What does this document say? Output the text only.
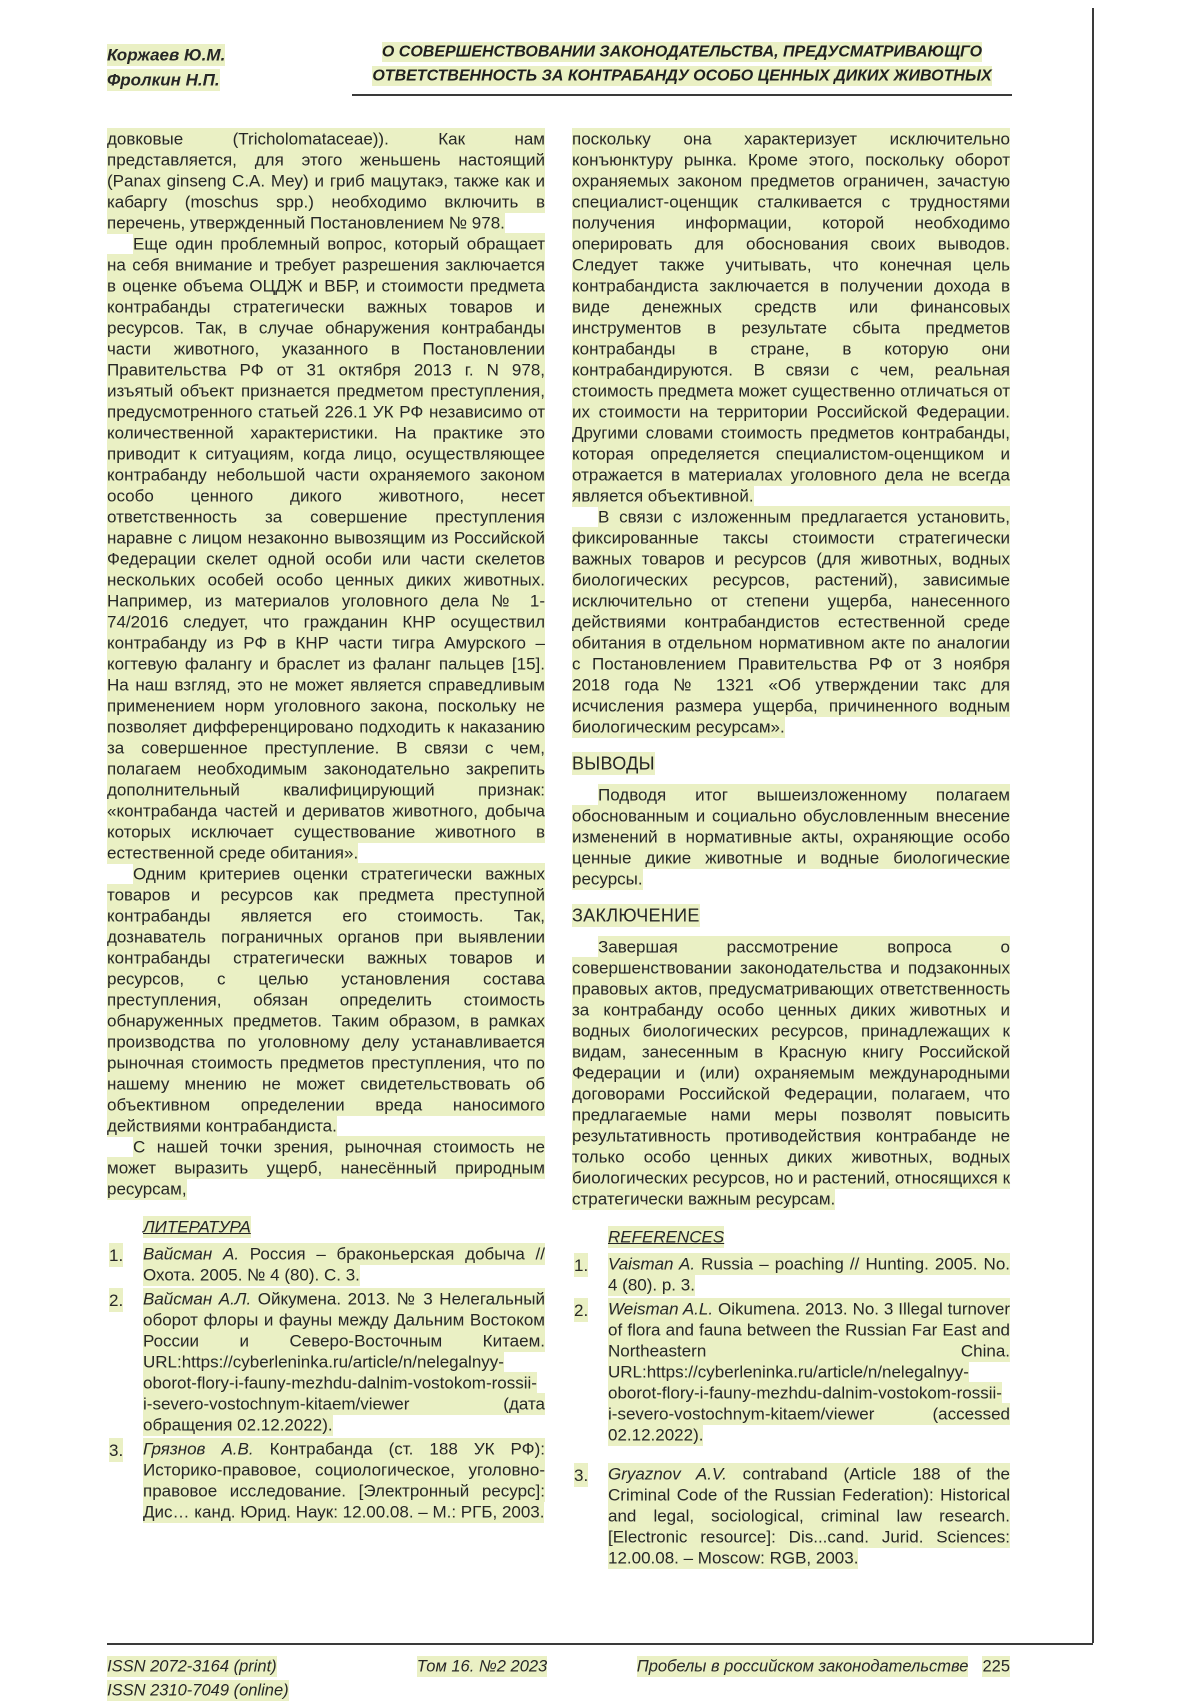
Коржаев Ю.М.
Фролкин Н.П.
О СОВЕРШЕНСТВОВАНИИ ЗАКОНОДАТЕЛЬСТВА, ПРЕДУСМАТРИВАЮЩГО
ОТВЕТСТВЕННОСТЬ ЗА КОНТРАБАНДУ ОСОБО ЦЕННЫХ ДИКИХ ЖИВОТНЫХ

довковые (Tricholomataceae)). Как нам представляется, для этого женьшень настоящий (Panax ginseng C.A. Mey) и гриб мацутакэ, также как и кабаргу (moschus spp.) необходимо включить в перечень, утвержденный Постановлением № 978.

Еще один проблемный вопрос, который обращает на себя внимание и требует разрешения заключается в оценке объема ОЦДЖ и ВБР, и стоимости предмета контрабанды стратегически важных товаров и ресурсов. Так, в случае обнаружения контрабанды части животного, указанного в Постановлении Правительства РФ от 31 октября 2013 г. N 978, изъятый объект признается предметом преступления, предусмотренного статьей 226.1 УК РФ независимо от количественной характеристики. На практике это приводит к ситуациям, когда лицо, осуществляющее контрабанду небольшой части охраняемого законом особо ценного дикого животного, несет ответственность за совершение преступления наравне с лицом незаконно вывозящим из Российской Федерации скелет одной особи или части скелетов нескольких особей особо ценных диких животных. Например, из материалов уголовного дела № 1-74/2016 следует, что гражданин КНР осуществил контрабанду из РФ в КНР части тигра Амурского – когтевую фалангу и браслет из фаланг пальцев [15]. На наш взгляд, это не может является справедливым применением норм уголовного закона, поскольку не позволяет дифференцировано подходить к наказанию за совершенное преступление. В связи с чем, полагаем необходимым законодательно закрепить дополнительный квалифицирующий признак: «контрабанда частей и дериватов животного, добыча которых исключает существование животного в естественной среде обитания».

Одним критериев оценки стратегически важных товаров и ресурсов как предмета преступной контрабанды является его стоимость. Так, дознаватель пограничных органов при выявлении контрабанды стратегически важных товаров и ресурсов, с целью установления состава преступления, обязан определить стоимость обнаруженных предметов. Таким образом, в рамках производства по уголовному делу устанавливается рыночная стоимость предметов преступления, что по нашему мнению не может свидетельствовать об объективном определении вреда наносимого действиями контрабандиста.

С нашей точки зрения, рыночная стоимость не может выразить ущерб, нанесённый природным ресурсам,

ЛИТЕРАТУРА
1. Вайсман А. Россия – браконьерская добыча // Охота. 2005. № 4 (80). С. 3.
2. Вайсман А.Л. Ойкумена. 2013. № 3 Нелегальный оборот флоры и фауны между Дальним Востоком России и Северо-Восточным Китаем. URL:https://cyberleninka.ru/article/n/nelegalnyy-oborot-flory-i-fauny-mezhdu-dalnim-vostokom-rossii-i-severo-vostochnym-kitaem/viewer (дата обращения 02.12.2022).
3. Грязнов А.В. Контрабанда (ст. 188 УК РФ): Историко-правовое, социологическое, уголовно-правовое исследование. [Электронный ресурс]: Дис… канд. Юрид. Наук: 12.00.08. – М.: РГБ, 2003.

поскольку она характеризует исключительно конъюнктуру рынка. Кроме этого, поскольку оборот охраняемых законом предметов ограничен, зачастую специалист-оценщик сталкивается с трудностями получения информации, которой необходимо оперировать для обоснования своих выводов. Следует также учитывать, что конечная цель контрабандиста заключается в получении дохода в виде денежных средств или финансовых инструментов в результате сбыта предметов контрабанды в стране, в которую они контрабандируются. В связи с чем, реальная стоимость предмета может существенно отличаться от их стоимости на территории Российской Федерации. Другими словами стоимость предметов контрабанды, которая определяется специалистом-оценщиком и отражается в материалах уголовного дела не всегда является объективной.

В связи с изложенным предлагается установить, фиксированные таксы стоимости стратегически важных товаров и ресурсов (для животных, водных биологических ресурсов, растений), зависимые исключительно от степени ущерба, нанесенного действиями контрабандистов естественной среде обитания в отдельном нормативном акте по аналогии с Постановлением Правительства РФ от 3 ноября 2018 года № 1321 «Об утверждении такс для исчисления размера ущерба, причиненного водным биологическим ресурсам».

ВЫВОДЫ

Подводя итог вышеизложенному полагаем обоснованным и социально обусловленным внесение изменений в нормативные акты, охраняющие особо ценные дикие животные и водные биологические ресурсы.

ЗАКЛЮЧЕНИЕ

Завершая рассмотрение вопроса о совершенствовании законодательства и подзаконных правовых актов, предусматривающих ответственность за контрабанду особо ценных диких животных и водных биологических ресурсов, принадлежащих к видам, занесенным в Красную книгу Российской Федерации и (или) охраняемым международными договорами Российской Федерации, полагаем, что предлагаемые нами меры позволят повысить результативность противодействия контрабанде не только особо ценных диких животных, водных биологических ресурсов, но и растений, относящихся к стратегически важным ресурсам.

REFERENCES
1. Vaisman A. Russia – poaching // Hunting. 2005. No. 4 (80). p. 3.
2. Weisman A.L. Oikumena. 2013. No. 3 Illegal turnover of flora and fauna between the Russian Far East and Northeastern China. URL:https://cyberleninka.ru/article/n/nelegalnyy-oborot-flory-i-fauny-mezhdu-dalnim-vostokom-rossii-i-severo-vostochnym-kitaem/viewer (accessed 02.12.2022).
3. Gryaznov A.V. contraband (Article 188 of the Criminal Code of the Russian Federation): Historical and legal, sociological, criminal law research. [Electronic resource]: Dis...cand. Jurid. Sciences: 12.00.08. – Moscow: RGB, 2003.
ISSN 2072-3164 (print)
ISSN 2310-7049 (online)
Том 16. №2 2023	Пробелы в российском законодательстве 225
